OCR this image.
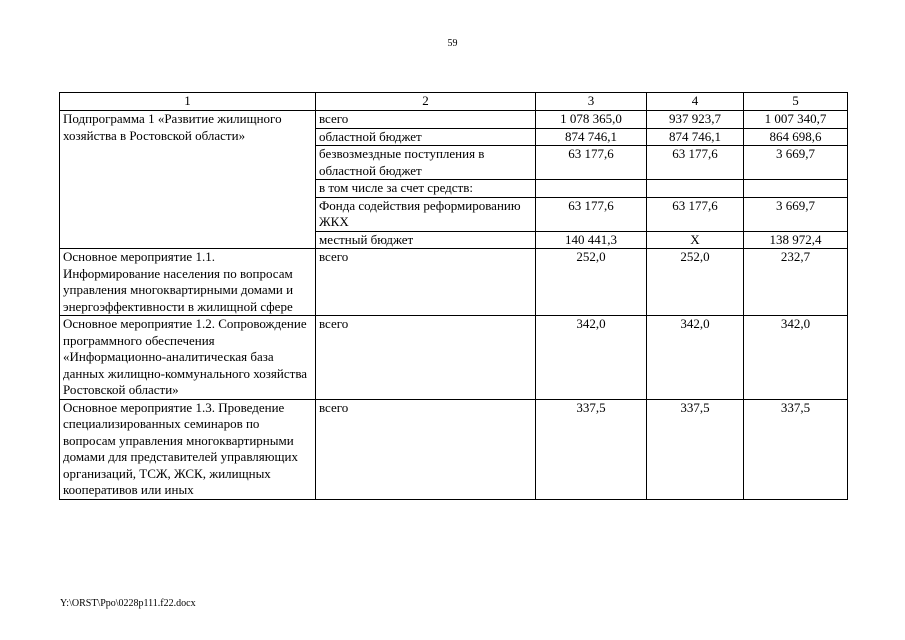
59
1	2	3	4	5
Подпрограмма 1 «Развитие жилищного хозяйства в Ростовской области»	всего	1 078 365,0	937 923,7	1 007 340,7
	областной бюджет	874 746,1	874 746,1	864 698,6
	безвозмездные поступления в областной бюджет	63 177,6	63 177,6	3 669,7
	в том числе за счет средств:			
	Фонда содействия реформированию ЖКХ	63 177,6	63 177,6	3 669,7
	местный бюджет	140 441,3	Х	138 972,4
Основное мероприятие 1.1. Информирование населения по вопросам управления многоквартирными домами и энергоэффективности в жилищной сфере	всего	252,0	252,0	232,7
Основное мероприятие 1.2. Сопровождение программного обеспечения «Информационно-аналитическая база данных жилищно-коммунального хозяйства Ростовской области»	всего	342,0	342,0	342,0
Основное мероприятие 1.3. Проведение специализированных семинаров по вопросам управления многоквартирными домами для представителей управляющих организаций, ТСЖ, ЖСК, жилищных кооперативов или иных	всего	337,5	337,5	337,5
Y:\ORST\Ppo\0228p111.f22.docx
